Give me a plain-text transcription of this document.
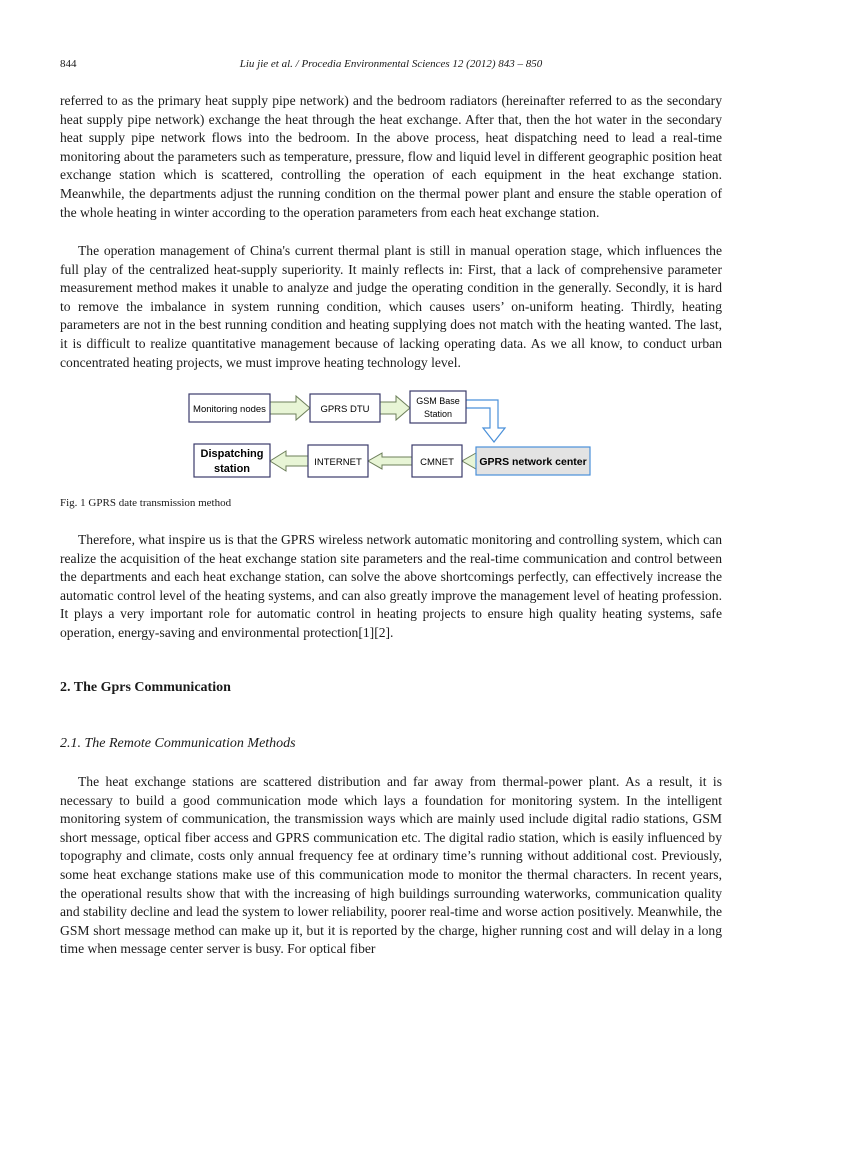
844	Liu jie et al. / Procedia Environmental Sciences 12 (2012) 843 – 850

referred to as the primary heat supply pipe network) and the bedroom radiators (hereinafter referred to as the secondary heat supply pipe network) exchange the heat through the heat exchange. After that, then the hot water in the secondary heat supply pipe network flows into the bedroom. In the above process, heat dispatching need to lead a real-time monitoring about the parameters such as temperature, pressure, flow and liquid level in different geographic position heat exchange station which is scattered, controlling the operation of each equipment in the heat exchange station. Meanwhile, the departments adjust the running condition on the thermal power plant and ensure the stable operation of the whole heating in winter according to the operation parameters from each heat exchange station.

The operation management of China's current thermal plant is still in manual operation stage, which influences the full play of the centralized heat-supply superiority. It mainly reflects in: First, that a lack of comprehensive parameter measurement method makes it unable to analyze and judge the operating condition in the generally. Secondly, it is hard to remove the imbalance in system running condition, which causes users’ on-uniform heating. Thirdly, heating parameters are not in the best running condition and heating supplying does not match with the heating wanted. The last, it is difficult to realize quantitative management because of lacking operating data. As we all know, to conduct urban concentrated heating projects, we must improve heating technology level.

Monitoring nodes	GPRS DTU
GSM Base
Station
Dispatching
station
INTERNET	CMNET GPRS network center
Fig. 1 GPRS date transmission method

Therefore, what inspire us is that the GPRS wireless network automatic monitoring and controlling system, which can realize the acquisition of the heat exchange station site parameters and the real-time communication and control between the departments and each heat exchange station, can solve the above shortcomings perfectly, can effectively increase the automatic control level of the heating systems, and can also greatly improve the management level of heating profession. It plays a very important role for automatic control in heating projects to ensure high quality heating systems, safe operation, energy-saving and environmental protection[1][2].

2. The Gprs Communication
2.1. The Remote Communication Methods

The heat exchange stations are scattered distribution and far away from thermal-power plant. As a result, it is necessary to build a good communication mode which lays a foundation for monitoring system. In the intelligent monitoring system of communication, the transmission ways which are mainly used include digital radio stations, GSM short message, optical fiber access and GPRS communication etc. The digital radio station, which is easily influenced by topography and climate, costs only annual frequency fee at ordinary time’s running without additional cost. Previously, some heat exchange stations make use of this communication mode to monitor the thermal characters. In recent years, the operational results show that with the increasing of high buildings surrounding waterworks, communication quality and stability decline and lead the system to lower reliability, poorer real-time and worse action positively. Meanwhile, the GSM short message method can make up it, but it is reported by the charge, higher running cost and will delay in a long time when message center server is busy. For optical fiber
